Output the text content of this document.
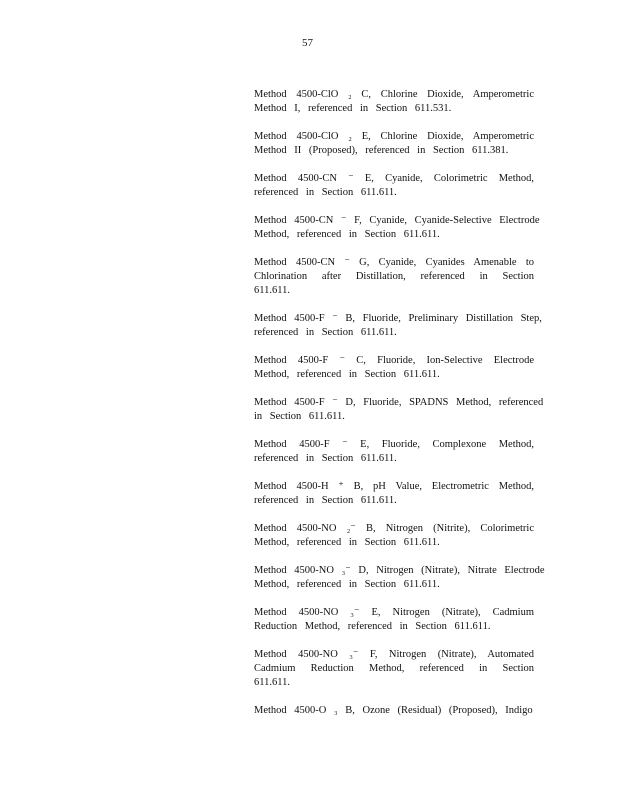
57
Method 4500-ClO ₂ C, Chlorine Dioxide, Amperometric
Method I, referenced in Section 611.531.
Method 4500-ClO ₂ E, Chlorine Dioxide, Amperometric
Method II (Proposed), referenced in Section 611.381.
Method 4500-CN ⁻ E, Cyanide, Colorimetric Method,
referenced in Section 611.611.
Method 4500-CN ⁻ F, Cyanide, Cyanide-Selective Electrode
Method, referenced in Section 611.611.
Method 4500-CN ⁻ G, Cyanide, Cyanides Amenable to
Chlorination after Distillation, referenced in Section
611.611.
Method 4500-F ⁻ B, Fluoride, Preliminary Distillation Step,
referenced in Section 611.611.
Method 4500-F ⁻ C, Fluoride, Ion-Selective Electrode
Method, referenced in Section 611.611.
Method 4500-F ⁻ D, Fluoride, SPADNS Method, referenced
in Section 611.611.
Method 4500-F ⁻ E, Fluoride, Complexone Method,
referenced in Section 611.611.
Method 4500-H ⁺ B, pH Value, Electrometric Method,
referenced in Section 611.611.
Method 4500-NO ₂⁻ B, Nitrogen (Nitrite), Colorimetric
Method, referenced in Section 611.611.
Method 4500-NO ₃⁻ D, Nitrogen (Nitrate), Nitrate Electrode
Method, referenced in Section 611.611.
Method 4500-NO ₃⁻ E, Nitrogen (Nitrate), Cadmium
Reduction Method, referenced in Section 611.611.
Method 4500-NO ₃⁻ F, Nitrogen (Nitrate), Automated
Cadmium Reduction Method, referenced in Section
611.611.
Method 4500-O ₃ B, Ozone (Residual) (Proposed), Indigo
